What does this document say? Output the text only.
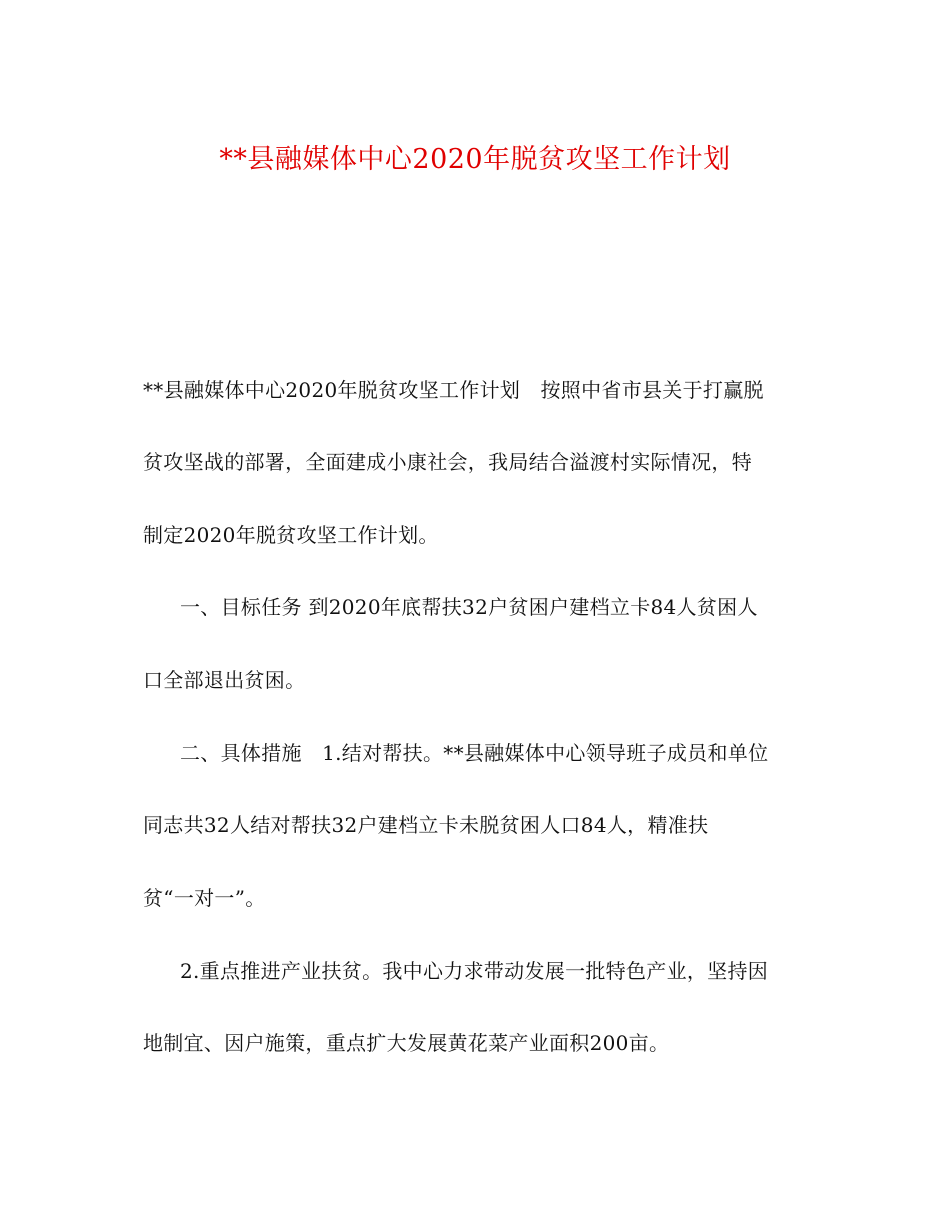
**县融媒体中心2020年脱贫攻坚工作计划
**县融媒体中心2020年脱贫攻坚工作计划　按照中省市县关于打赢脱
贫攻坚战的部署，全面建成小康社会，我局结合溢渡村实际情况，特
制定2020年脱贫攻坚工作计划。
一、目标任务 到2020年底帮扶32户贫困户建档立卡84人贫困人
口全部退出贫困。
二、具体措施　1.结对帮扶。**县融媒体中心领导班子成员和单位
同志共32人结对帮扶32户建档立卡未脱贫困人口84人，精准扶
贫“一对一”。
2.重点推进产业扶贫。我中心力求带动发展一批特色产业，坚持因
地制宜、因户施策，重点扩大发展黄花菜产业面积200亩。
